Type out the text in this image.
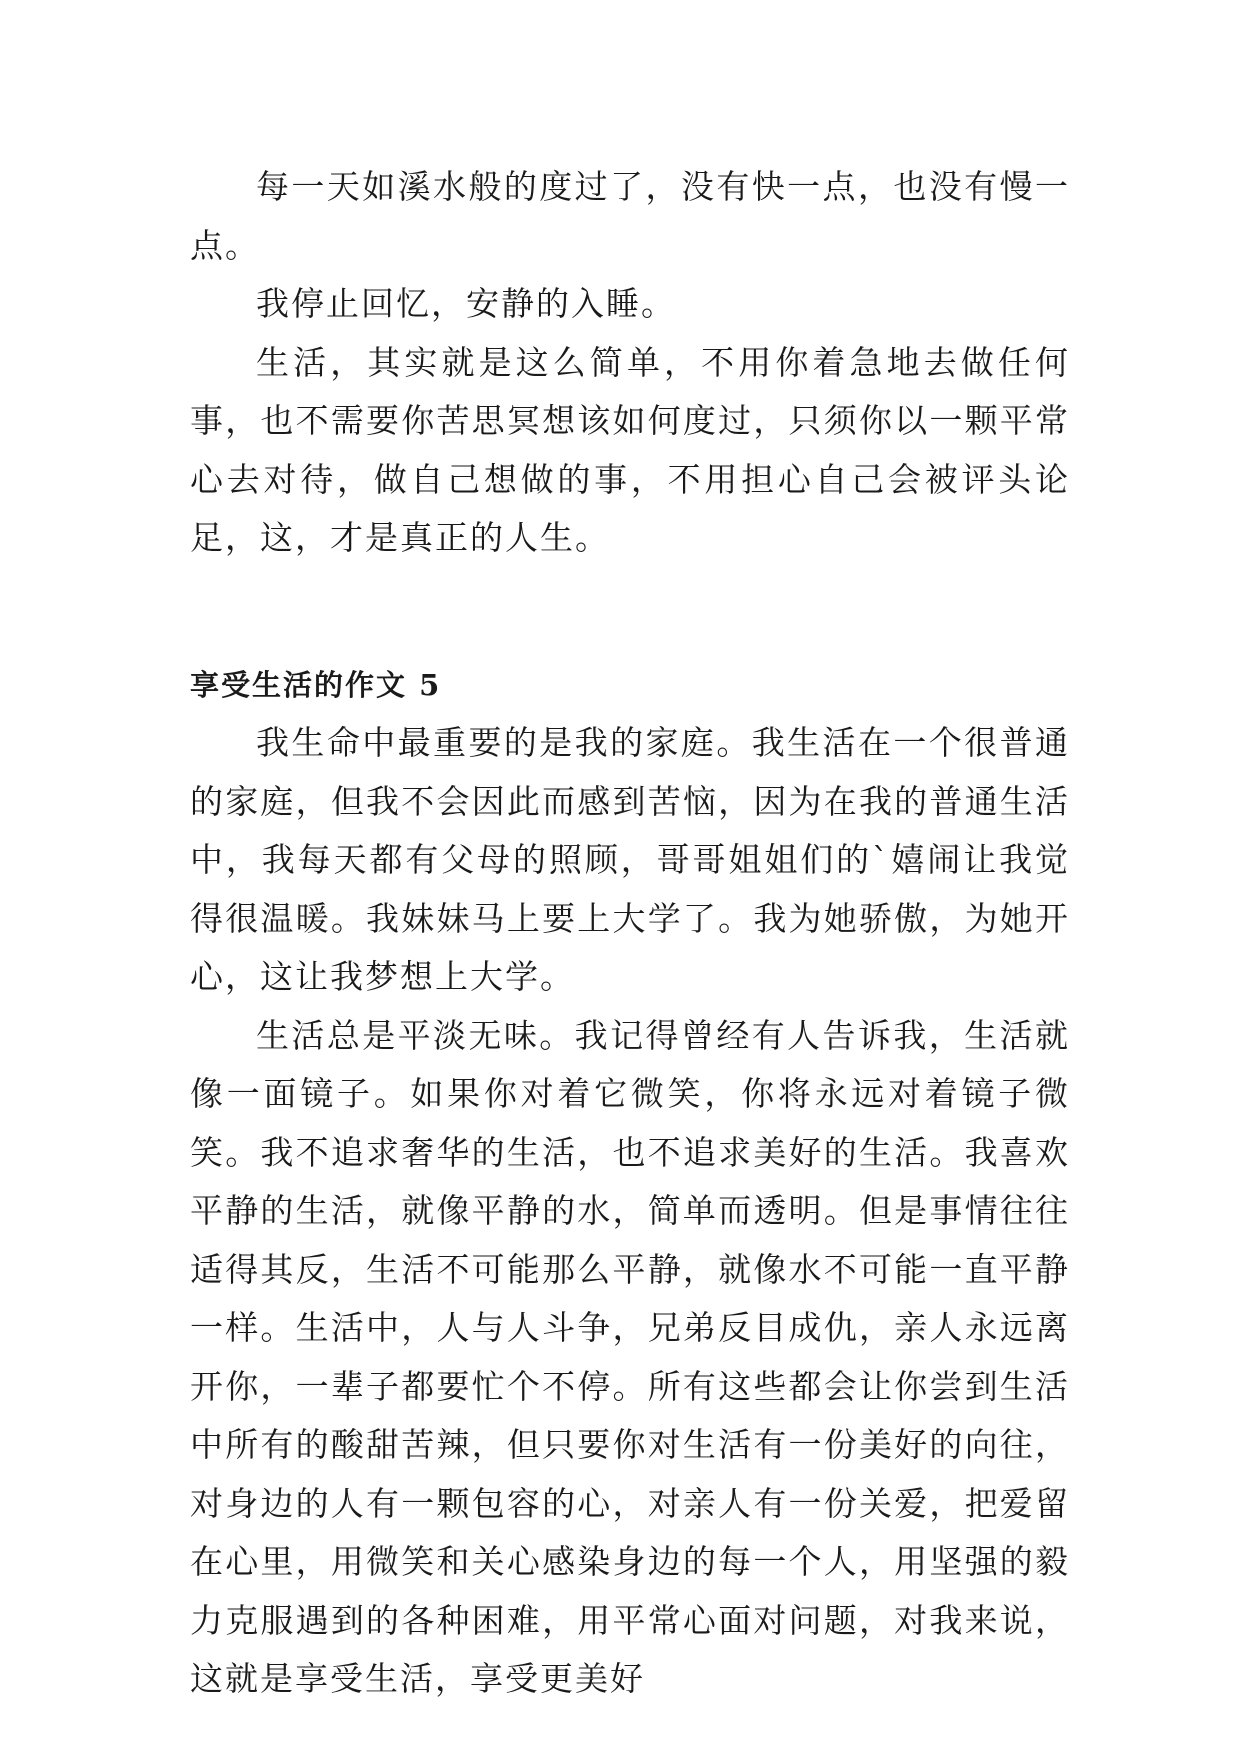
每一天如溪水般的度过了，没有快一点，也没有慢一点。

我停止回忆，安静的入睡。

生活，其实就是这么简单，不用你着急地去做任何事，也不需要你苦思冥想该如何度过，只须你以一颗平常心去对待，做自己想做的事，不用担心自己会被评头论足，这，才是真正的人生。

享受生活的作文 5

我生命中最重要的是我的家庭。我生活在一个很普通的家庭，但我不会因此而感到苦恼，因为在我的普通生活中，我每天都有父母的照顾，哥哥姐姐们的`嬉闹让我觉得很温暖。我妹妹马上要上大学了。我为她骄傲，为她开心，这让我梦想上大学。

生活总是平淡无味。我记得曾经有人告诉我，生活就像一面镜子。如果你对着它微笑，你将永远对着镜子微笑。我不追求奢华的生活，也不追求美好的生活。我喜欢平静的生活，就像平静的水，简单而透明。但是事情往往适得其反，生活不可能那么平静，就像水不可能一直平静一样。生活中，人与人斗争，兄弟反目成仇，亲人永远离开你，一辈子都要忙个不停。所有这些都会让你尝到生活中所有的酸甜苦辣，但只要你对生活有一份美好的向往，对身边的人有一颗包容的心，对亲人有一份关爱，把爱留在心里，用微笑和关心感染身边的每一个人，用坚强的毅力克服遇到的各种困难，用平常心面对问题，对我来说，这就是享受生活，享受更美好
